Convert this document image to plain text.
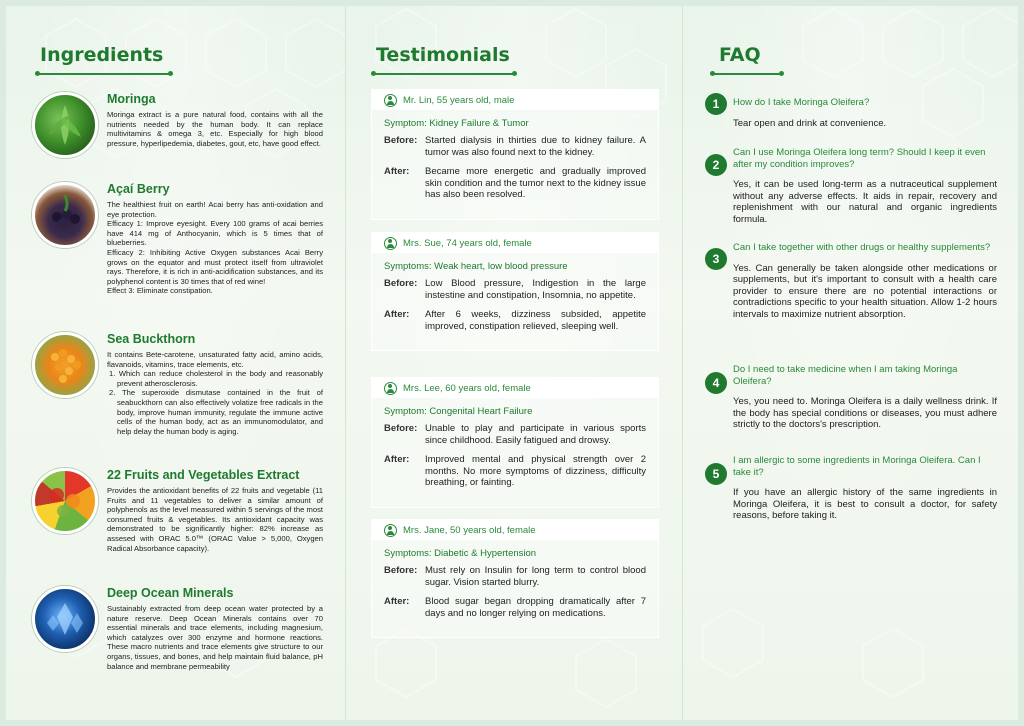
Ingredients
Moringa

Moringa extract is a pure natural food, contains with all the nutrients needed by the human body. It can replace multivitamins & omega 3, etc. Especially for high blood pressure, hyperlipedemia, diabetes, gout, etc, have good effect.

Açaí Berry

The healthiest fruit on earth! Acai berry has anti-oxidation and eye protection.

Efficacy 1: Improve eyesight. Every 100 grams of acai berries have 414 mg of Anthocyanin, which is 5 times that of blueberries.

Efficacy 2: Inhibiting Active Oxygen substances Acai Berry grows on the equator and must protect itself from ultraviolet rays. Therefore, it is rich in anti-acidification substances, and its polyphenol content is 30 times that of red wine!

Effect 3: Eliminate constipation.

Sea Buckthorn

It contains Bete-carotene, unsaturated fatty acid, amino acids, flavanoids, vitamins, trace elements, etc.

1. Which can reduce cholesterol in the body and reasonably prevent atherosclerosis.

2. The superoxide dismutase contained in the fruit of seabuckthorn can also effectively volatize free radicals in the body, improve human immunity, regulate the immune active cells of the human body, act as an immunomodulator, and help delay the human body is aging.

22 Fruits and Vegetables Extract

Provides the antioxidant benefits of 22 fruits and vegetable (11 Fruits and 11 vegetables to deliver a similar amount of polyphenols as the level measured within 5 servings of the most consumed fruits & vegetables. Its antioxidant capacity was demonstrated to be significantly higher: 82% increase as assesed with ORAC 5.0™ (ORAC Value > 5,000, Oxygen Radical Absorbance capacity).

Deep Ocean Minerals

Sustainably extracted from deep ocean water protected by a nature reserve. Deep Ocean Minerals contains over 70 essential minerals and trace elements, including magnesium, which catalyzes over 300 enzyme and hormone reactions. These macro nutrients and trace elements give structure to our organs, tissues, and bones, and help maintain fluid balance, pH balance and membrane permeability

Testimonials
Mr. Lin, 55 years old, male
Symptom: Kidney Failure & Tumor
Before: Started dialysis in thirties due to kidney failure. A tumor was also found next to the kidney.
After:	Became more energetic and gradually improved skin condition and the tumor next to the kidney issue has also been resolved.
Mrs. Sue, 74 years old, female
Symptoms: Weak heart, low blood pressure
Before: Low Blood pressure, Indigestion in the large instestine and constipation, Insomnia, no appetite.
After:	After 6 weeks, dizziness subsided, appetite improved, constipation relieved, sleeping well.
Mrs. Lee, 60 years old, female
Symptom: Congenital Heart Failure
Before: Unable to play and participate in various sports since childhood. Easily fatigued and drowsy.
After:	Improved mental and physical strength over 2 months. No more symptoms of dizziness, difficulty breathing, or fainting.
Mrs. Jane, 50 years old, female
Symptoms: Diabetic & Hypertension
Before: Must rely on Insulin for long term to control blood sugar. Vision started blurry.
After:	Blood sugar began dropping dramatically after 7 days and no longer relying on medications.
FAQ
1	How do I take Moringa Oleifera?
Tear open and drink at convenience.
2
Can I use Moringa Oleifera long term? Should I keep it even after my condition improves?
Yes, it can be used long-term as a nutraceutical supplement without any adverse effects. It aids in repair, recovery and replenishment with our natural and organic ingredients formula.
3
Can I take together with other drugs or healthy supplements?
Yes. Can generally be taken alongside other medications or supplements, but it's important to consult with a health care provider to ensure there are no potential interactions or contradictions specific to your health situation. Allow 1-2 hours intervals to maximize nutrient absorption.
4
Do I need to take medicine when I am taking Moringa Oleifera?
Yes, you need to. Moringa Oleifera is a daily wellness drink. If the body has special conditions or diseases, you must adhere strictly to the doctors's prescription.
5
I am allergic to some ingredients in Moringa Oleifera. Can I take it?
If you have an allergic history of the same ingredients in Moringa Oleifera, it is best to consult a doctor, for safety reasons, before taking it.
